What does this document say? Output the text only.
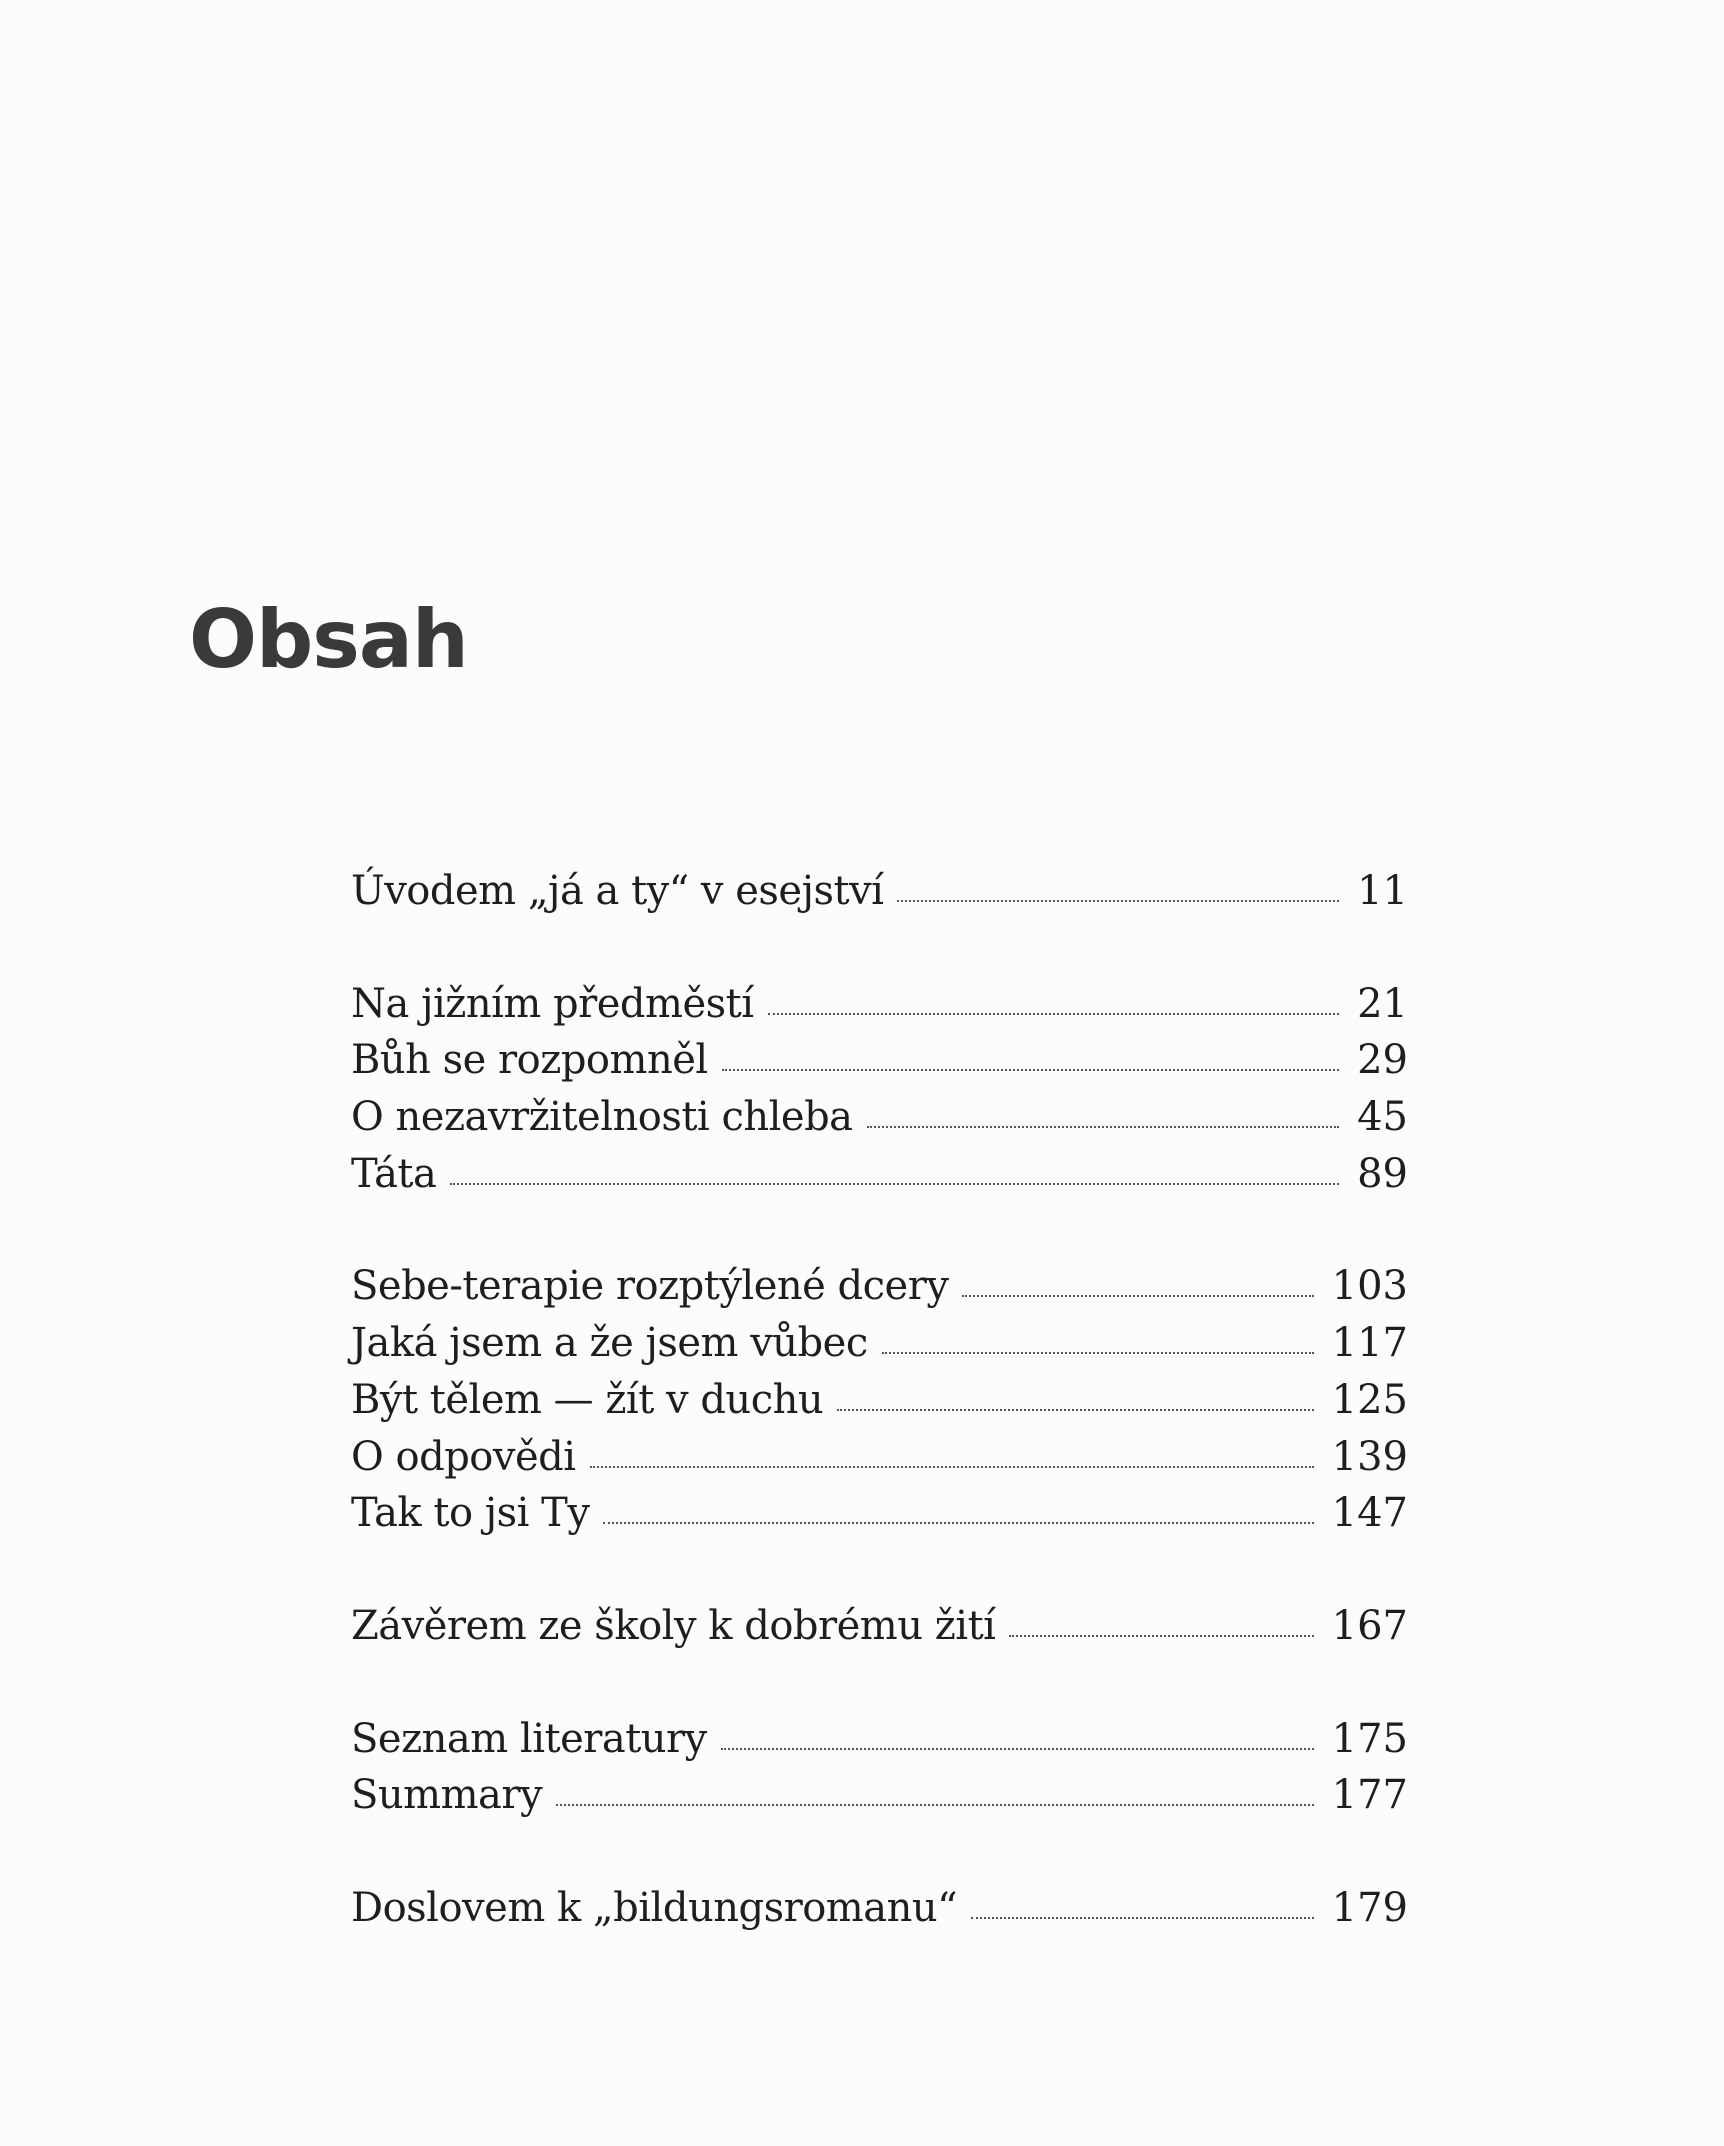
Obsah
Úvodem „já a ty“ v esejství	11
Na jižním předměstí	21
Bůh se rozpomněl	29
O nezavržitelnosti chleba	45
Táta	89
Sebe-terapie rozptýlené dcery	103
Jaká jsem a že jsem vůbec	117
Být tělem — žít v duchu	125
O odpovědi	139
Tak to jsi Ty	147
Závěrem ze školy k dobrému žití	167
Seznam literatury	175
Summary	177
Doslovem k „bildungsromanu“	179
